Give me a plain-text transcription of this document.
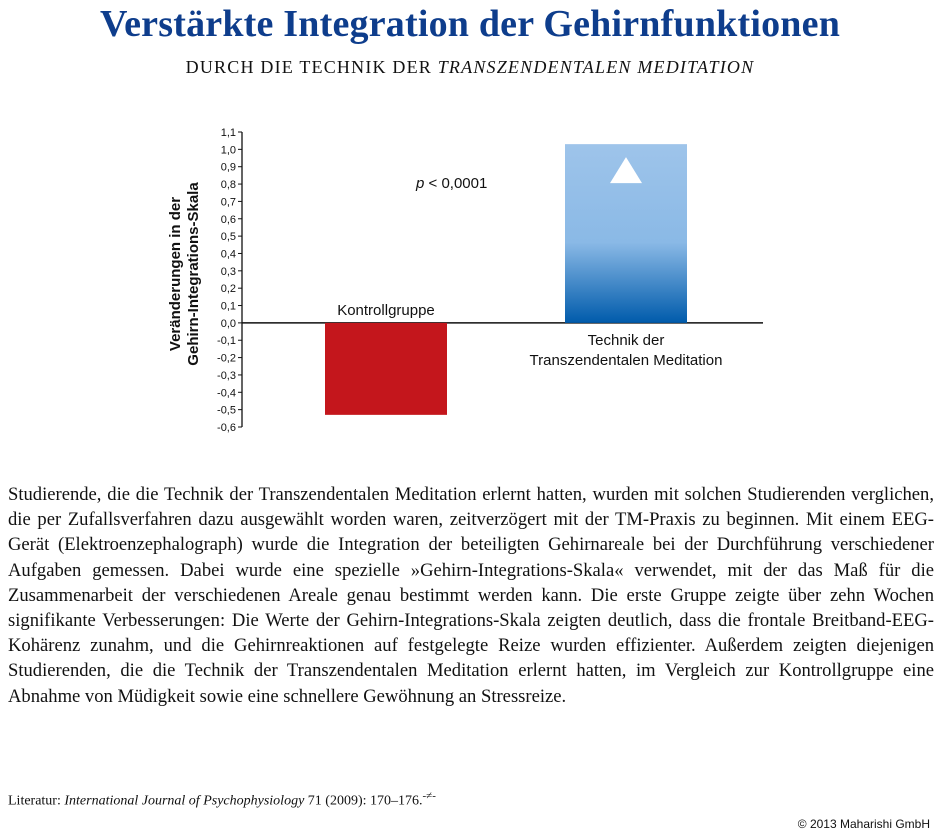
Verstärkte Integration der Gehirnfunktionen
DURCH DIE TECHNIK DER TRANSZENDENTALEN MEDITATION
Veränderungen in der Gehirn-Integrations-Skala
1,1
1,0
0,9
0,8
0,7
0,6
0,5
0,4
0,3
0,2
0,1
0,0
-0,1
-0,2
-0,3
-0,4
-0,5
-0,6
p < 0,0001
Kontrollgruppe
Technik der
Transzendentalen Meditation
Studierende, die die Technik der Transzendentalen Meditation erlernt hatten, wurden mit solchen Studierenden verglichen, die per Zufallsverfahren dazu ausgewählt worden waren, zeitverzögert mit der TM-Praxis zu beginnen. Mit einem EEG-Gerät (Elektroenzephalograph) wurde die Integration der beteiligten Gehirnareale bei der Durchführung verschiedener Aufgaben gemessen. Dabei wurde eine spezielle »Gehirn-Integrations-Skala« verwendet, mit der das Maß für die Zusammenarbeit der verschiedenen Areale genau bestimmt werden kann. Die erste Gruppe zeigte über zehn Wochen signifikante Verbesserungen: Die Werte der Gehirn-Integrations-Skala zeigten deutlich, dass die frontale Breitband-EEG-Kohärenz zunahm, und die Gehirnreaktionen auf festgelegte Reize wurden effizienter. Außerdem zeigten diejenigen Studierenden, die die Technik der Transzendentalen Meditation erlernt hatten, im Vergleich zur Kontrollgruppe eine Abnahme von Müdigkeit sowie eine schnellere Gewöhnung an Stressreize.
Literatur: International Journal of Psychophysiology 71 (2009): 170–176.-≠-
© 2013 Maharishi GmbH
